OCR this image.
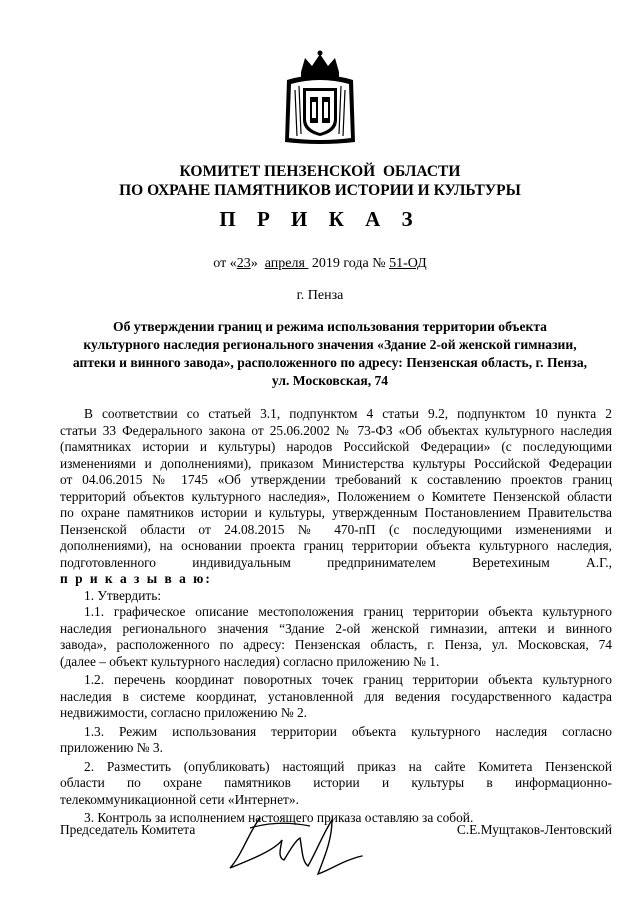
КОМИТЕТ ПЕНЗЕНСКОЙ  ОБЛАСТИ
ПО ОХРАНЕ ПАМЯТНИКОВ ИСТОРИИ И КУЛЬТУРЫ
П Р И К А З
от «23»  апреля  2019 года № 51-ОД
г. Пенза
Об утверждении границ и режима использования территории объекта
культурного наследия регионального значения «Здание 2-ой женской гимназии,
аптеки и винного завода», расположенного по адресу: Пензенская область, г. Пенза,
ул. Московская, 74
В соответствии со статьей 3.1, подпунктом 4 статьи 9.2, подпунктом 10 пункта 2
статьи 33 Федерального закона от 25.06.2002 № 73-ФЗ «Об объектах культурного наследия
(памятниках истории и культуры) народов Российской Федерации» (с последующими
изменениями и дополнениями), приказом Министерства культуры Российской Федерации
от 04.06.2015 № 1745 «Об утверждении требований к составлению проектов границ
территорий объектов культурного наследия», Положением о Комитете Пензенской области
по охране памятников истории и культуры, утвержденным Постановлением Правительства
Пензенской области от 24.08.2015 № 470-пП (с последующими изменениями и
дополнениями), на основании проекта границ территории объекта культурного наследия,
подготовленного индивидуальным предпринимателем Веретехиным А.Г.,
п р и к а з ы в а ю:
1. Утвердить:
1.1. графическое описание местоположения границ территории объекта культурного
наследия регионального значения “Здание 2-ой женской гимназии, аптеки и винного
завода», расположенного по адресу: Пензенская область, г. Пенза, ул. Московская, 74
(далее – объект культурного наследия) согласно приложению № 1.
1.2. перечень координат поворотных точек границ территории объекта культурного
наследия в системе координат, установленной для ведения государственного кадастра
недвижимости, согласно приложению № 2.
1.3. Режим использования территории объекта культурного наследия согласно
приложению № 3.
2. Разместить (опубликовать) настоящий приказ на сайте Комитета Пензенской
области по охране памятников истории и культуры в информационно-
телекоммуникационной сети «Интернет».
3. Контроль за исполнением настоящего приказа оставляю за собой.
Председатель Комитета	С.Е.Мущтаков-Лентовский
